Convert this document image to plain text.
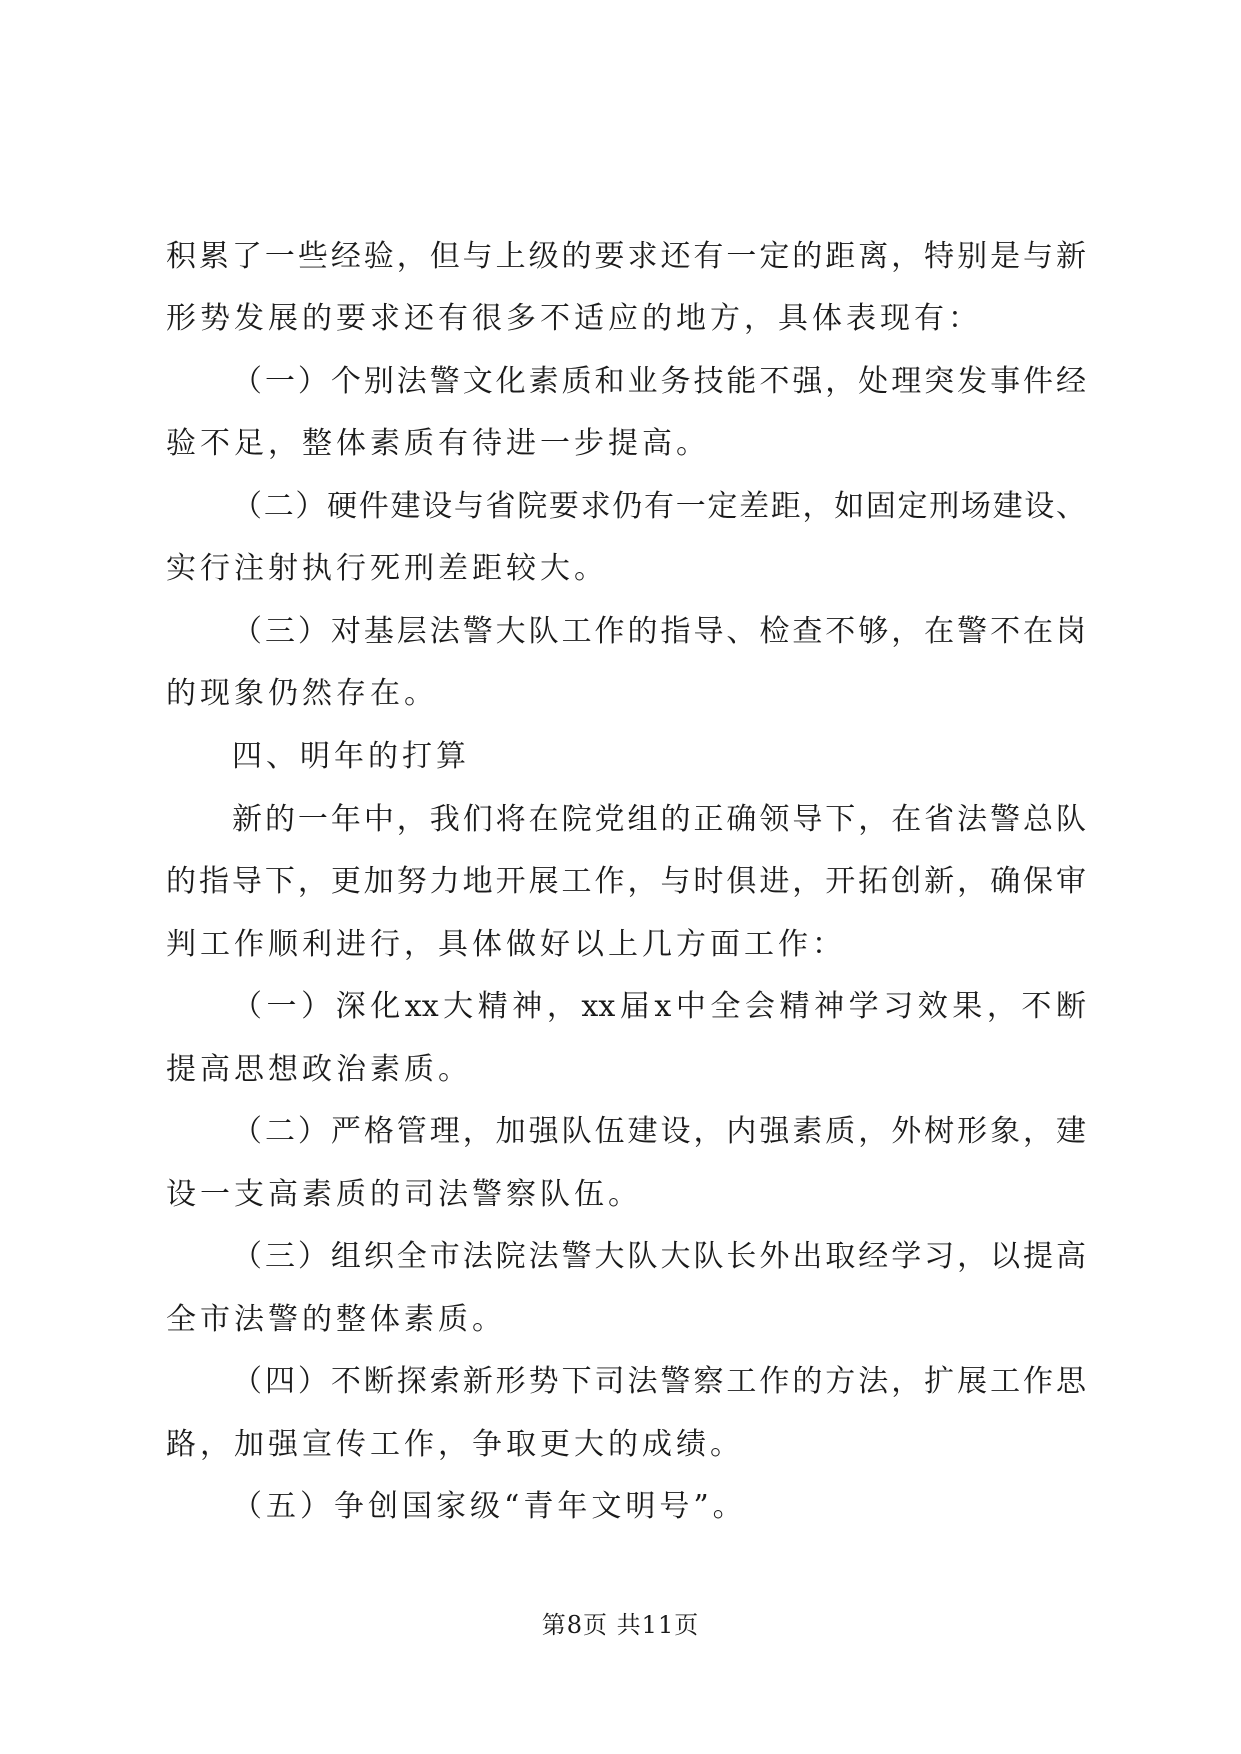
积累了一些经验，但与上级的要求还有一定的距离，特别是与新
形势发展的要求还有很多不适应的地方，具体表现有：
（一）个别法警文化素质和业务技能不强，处理突发事件经
验不足，整体素质有待进一步提高。
（二）硬件建设与省院要求仍有一定差距，如固定刑场建设、
实行注射执行死刑差距较大。
（三）对基层法警大队工作的指导、检查不够，在警不在岗
的现象仍然存在。
四、明年的打算
新的一年中，我们将在院党组的正确领导下，在省法警总队
的指导下，更加努力地开展工作，与时俱进，开拓创新，确保审
判工作顺利进行，具体做好以上几方面工作：
（一）深化xx大精神，xx届x中全会精神学习效果，不断
提高思想政治素质。
（二）严格管理，加强队伍建设，内强素质，外树形象，建
设一支高素质的司法警察队伍。
（三）组织全市法院法警大队大队长外出取经学习，以提高
全市法警的整体素质。
（四）不断探索新形势下司法警察工作的方法，扩展工作思
路，加强宣传工作，争取更大的成绩。
（五）争创国家级“青年文明号”。
第8页 共11页
